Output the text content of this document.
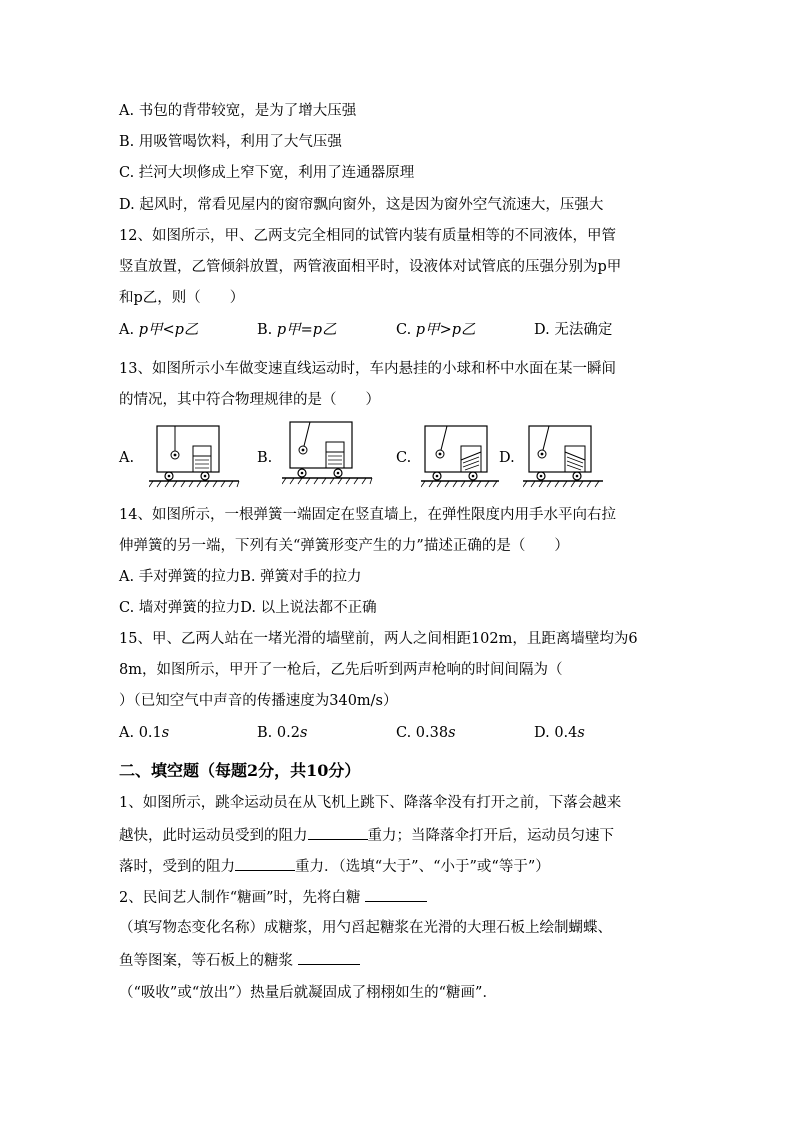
A. 书包的背带较宽，是为了增大压强
B. 用吸管喝饮料，利用了大气压强
C. 拦河大坝修成上窄下宽，利用了连通器原理
D. 起风时，常看见屋内的窗帘飘向窗外，这是因为窗外空气流速大，压强大
12、如图所示，甲、乙两支完全相同的试管内装有质量相等的不同液体，甲管
竖直放置，乙管倾斜放置，两管液面相平时，设液体对试管底的压强分别为p甲
和p乙，则（　　）
A. p甲<p乙	B. p甲=p乙	C. p甲>p乙	D. 无法确定
13、如图所示小车做变速直线运动时，车内悬挂的小球和杯中水面在某一瞬间
的情况，其中符合物理规律的是（　　）
A.	B.	C.	D.
14、如图所示，一根弹簧一端固定在竖直墙上，在弹性限度内用手水平向右拉
伸弹簧的另一端，下列有关“弹簧形变产生的力”描述正确的是（　　）
A. 手对弹簧的拉力B. 弹簧对手的拉力
C. 墙对弹簧的拉力D. 以上说法都不正确
15、甲、乙两人站在一堵光滑的墙壁前，两人之间相距102m，且距离墙壁均为6
8m，如图所示，甲开了一枪后，乙先后听到两声枪响的时间间隔为（
）（已知空气中声音的传播速度为340m/s）
A. 0.1s	B. 0.2s	C. 0.38s	D. 0.4s
二、填空题（每题2分，共10分）
1、如图所示，跳伞运动员在从飞机上跳下、降落伞没有打开之前，下落会越来
越快，此时运动员受到的阻力	重力；当降落伞打开后，运动员匀速下
落时，受到的阻力	重力．（选填“大于”、“小于”或“等于”）
2、民间艺人制作“糖画”时，先将白糖
（填写物态变化名称）成糖浆，用勺舀起糖浆在光滑的大理石板上绘制蝴蝶、
鱼等图案，等石板上的糖浆
（“吸收”或“放出”）热量后就凝固成了栩栩如生的“糖画”．
